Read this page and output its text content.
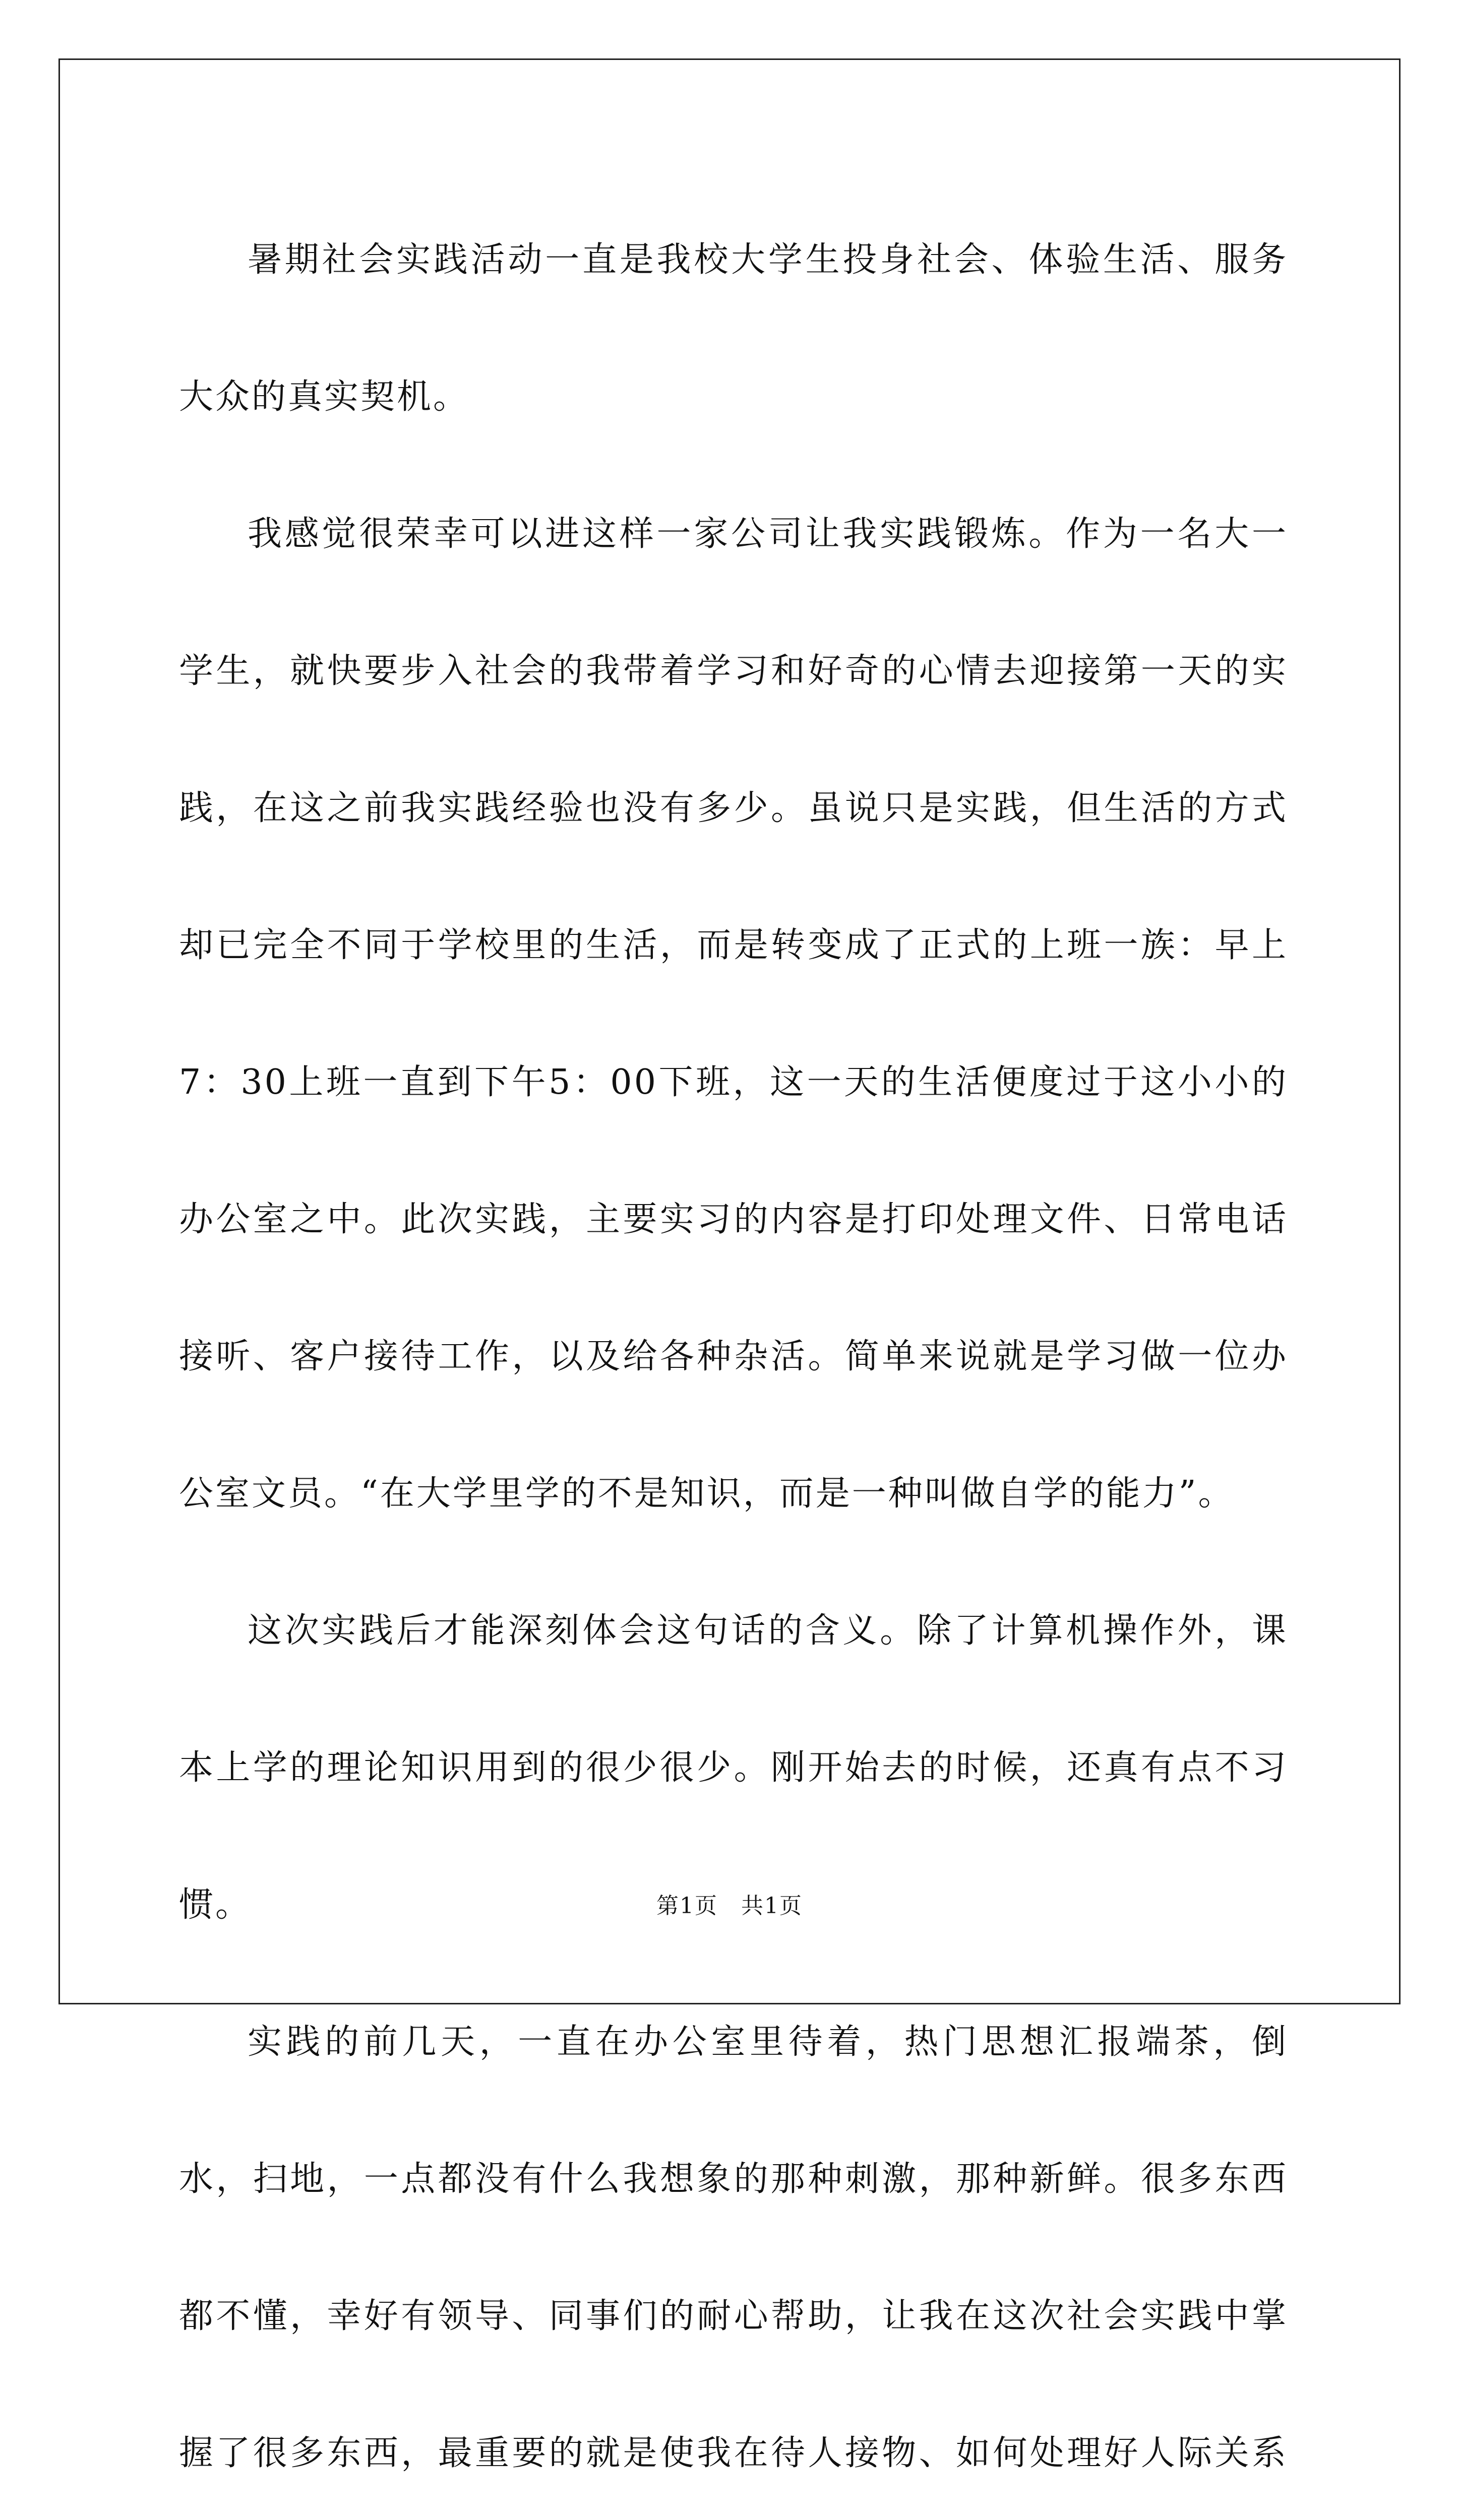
暑期社会实践活动一直是我校大学生投身社会、体验生活、服务大众的真实契机。

我感觉很荣幸可以进这样一家公司让我实践锻炼。作为一名大一学生，就快要步入社会的我带着学习和好奇的心情去迎接第一天的实践，在这之前我实践经验也没有多少。虽说只是实践，但生活的方式却已完全不同于学校里的生活，而是转变成了正式的上班一族：早上7：30上班一直到下午5：00下班，这一天的生活便度过于这小小的办公室之中。此次实践，主要实习的内容是打印处理文件、日常电话接听、客户接待工作，以及给各种杂活。简单来说就是学习做一位办公室文员。“在大学里学的不是知识，而是一种叫做自学的能力”。

这次实践后才能深刻体会这句话的含义。除了计算机操作外，课本上学的理论知识用到的很少很少。刚开始去的时候，还真有点不习惯。

实践的前几天，一直在办公室里待着，热门思想汇报端茶，倒水，扫地，一点都没有什么我想象的那种刺激，那种新鲜。很多东西都不懂，幸好有领导、同事们的耐心帮助，让我在这次社会实践中掌握了很多东西，最重要的就是使我在待人接物、如何处理好人际关系

第1页　共1页
